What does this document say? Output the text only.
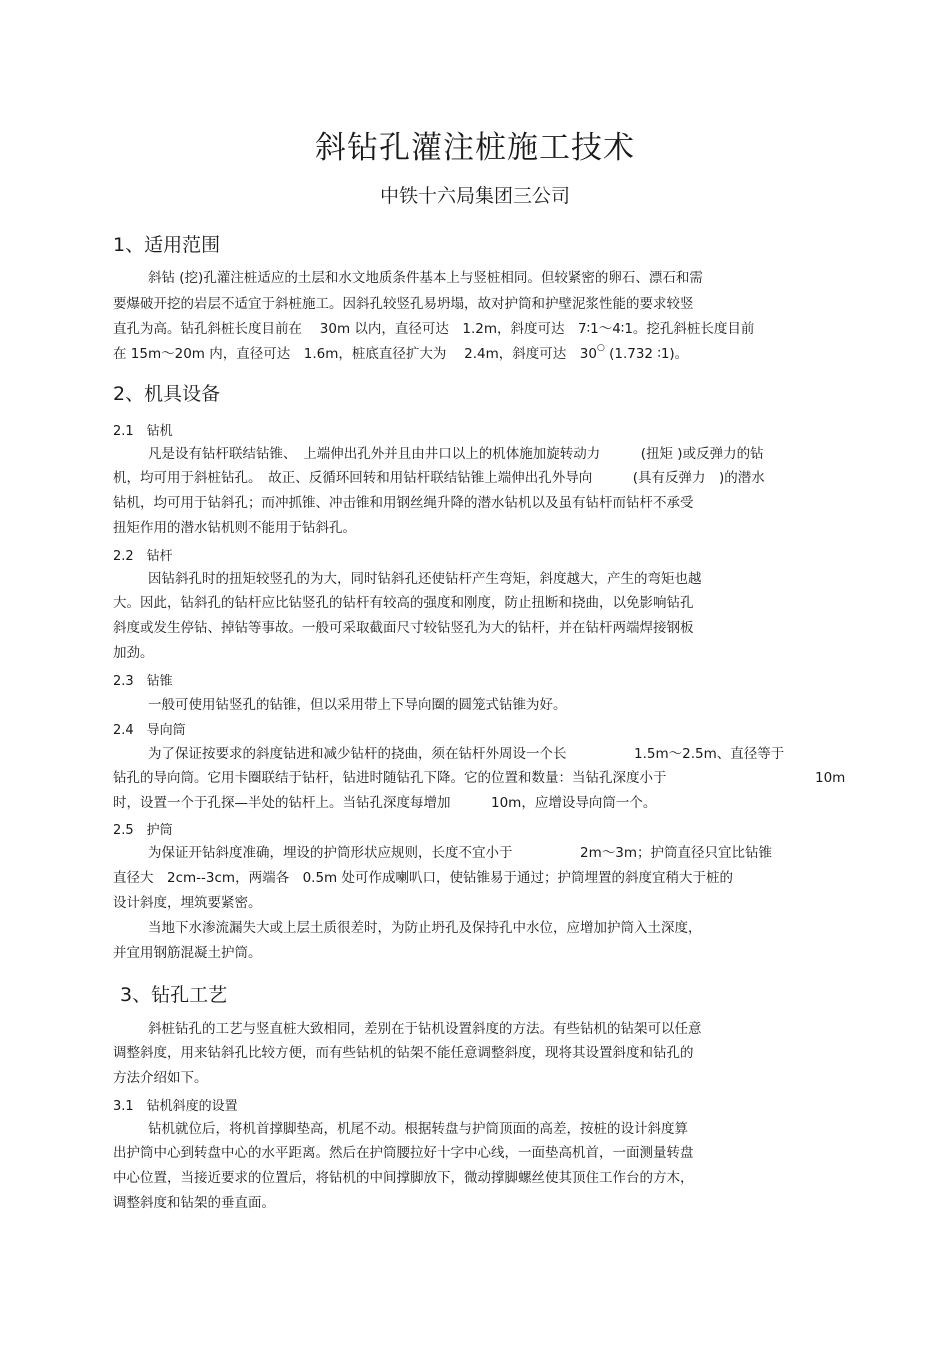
斜钻孔灌注桩施工技术
中铁十六局集团三公司
1、适用范围
斜钻 (挖)孔灌注桩适应的土层和水文地质条件基本上与竖桩相同。但较紧密的卵石、漂石和需
要爆破开挖的岩层不适宜于斜桩施工。因斜孔较竖孔易坍塌，故对护筒和护壁泥浆性能的要求较竖
直孔为高。钻孔斜桩长度目前在　 30m 以内，直径可达　1.2m，斜度可达　7∶1～4∶1。挖孔斜桩长度目前
在 15m～20m 内，直径可达　1.6m，桩底直径扩大为　 2.4m，斜度可达　30○ (1.732 ∶1)。
2、机具设备
2.1　钻机
凡是设有钻杆联结钻锥、　上端伸出孔外并且由井口以上的机体施加旋转动力　　　(扭矩 )或反弹力的钻
机，均可用于斜桩钻孔。　故正、反循环回转和用钻杆联结钻锥上端伸出孔外导向　　　(具有反弹力　)的潜水
钻机，均可用于钻斜孔；而冲抓锥、冲击锥和用钢丝绳升降的潜水钻机以及虽有钻杆而钻杆不承受
扭矩作用的潜水钻机则不能用于钻斜孔。
2.2　钻杆
因钻斜孔时的扭矩较竖孔的为大，同时钻斜孔还使钻杆产生弯矩，斜度越大，产生的弯矩也越
大。因此，钻斜孔的钻杆应比钻竖孔的钻杆有较高的强度和刚度，防止扭断和挠曲，以免影响钻孔
斜度或发生停钻、掉钻等事故。一般可采取截面尺寸较钻竖孔为大的钻杆，并在钻杆两端焊接钢板
加劲。
2.3　钻锥
一般可使用钻竖孔的钻锥，但以采用带上下导向圈的圆笼式钻锥为好。
2.4　导向筒
为了保证按要求的斜度钻进和减少钻杆的挠曲，须在钻杆外周设一个长　　　　　1.5m～2.5m、直径等于
钻孔的导向筒。它用卡圈联结于钻杆，钻进时随钻孔下降。它的位置和数量：当钻孔深度小于　　　　　　　　　　　10m
时，设置一个于孔探—半处的钻杆上。当钻孔深度每增加　　　10m，应增设导向筒一个。
2.5　护筒
为保证开钻斜度准确，埋设的护筒形状应规则，长度不宜小于　　　　　2m～3m；护筒直径只宜比钻锥
直径大　2cm--3cm，两端各　0.5m 处可作成喇叭口，使钻锥易于通过；护筒埋置的斜度宜稍大于桩的
设计斜度，埋筑要紧密。
当地下水渗流漏失大或上层土质很差时，为防止坍孔及保持孔中水位，应增加护筒入土深度，
并宜用钢筋混凝土护筒。
3、钻孔工艺
斜桩钻孔的工艺与竖直桩大致相同，差别在于钻机设置斜度的方法。有些钻机的钻架可以任意
调整斜度，用来钻斜孔比较方便，而有些钻机的钻架不能任意调整斜度，现将其设置斜度和钻孔的
方法介绍如下。
3.1　钻机斜度的设置
钻机就位后，将机首撑脚垫高，机尾不动。根据转盘与护筒顶面的高差，按桩的设计斜度算
出护筒中心到转盘中心的水平距离。然后在护筒腰拉好十字中心线，一面垫高机首，一面测量转盘
中心位置，当接近要求的位置后，将钻机的中间撑脚放下，微动撑脚螺丝使其顶住工作台的方木，
调整斜度和钻架的垂直面。
